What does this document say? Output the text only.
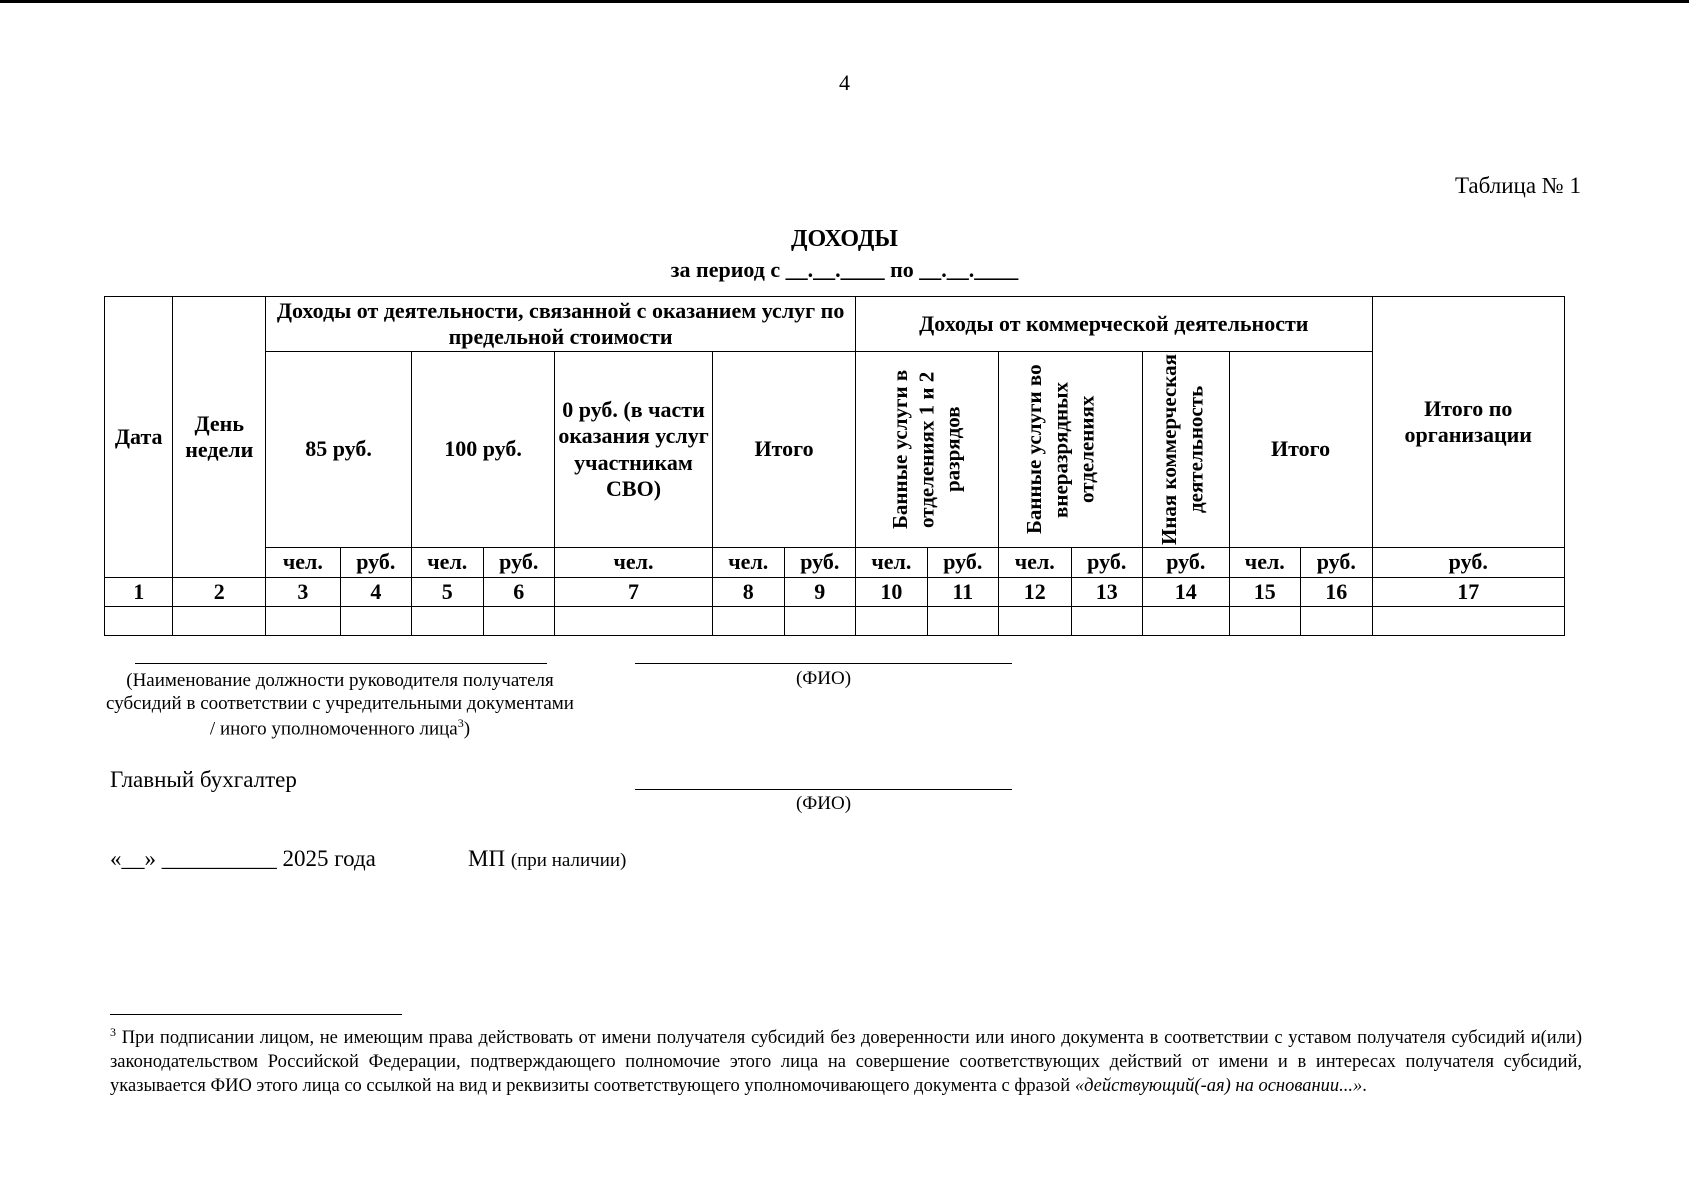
4
Таблица № 1
ДОХОДЫ
за период с __.__.____ по __.__.____
Дата	День недели	Доходы от деятельности, связанной с оказанием услуг по предельной стоимости							Доходы от коммерческой деятельности							Итого по организации
		85 руб.		100 руб.		0 руб. (в части оказания услуг участникам СВО)	Итого		Банные услуги в отделениях 1 и 2 разрядов		Банные услуги во внеразрядных отделениях		Иная коммерческая деятельность	Итого		
		чел.	руб.	чел.	руб.	чел.	чел.	руб.	чел.	руб.	чел.	руб.	руб.	чел.	руб.	руб.
1	2	3	4	5	6	7	8	9	10	11	12	13	14	15	16	17

(Наименование должности руководителя получателя субсидий в соответствии с учредительными документами / иного уполномоченного лица$^3$)
(ФИО)
Главный бухгалтер
(ФИО)
«__» __________ 2025 года	МП (при наличии)
$^3$ При подписании лицом, не имеющим права действовать от имени получателя субсидий без доверенности или иного документа в соответствии с уставом получателя субсидий и(или) законодательством Российской Федерации, подтверждающего полномочие этого лица на совершение соответствующих действий от имени и в интересах получателя субсидий, указывается ФИО этого лица со ссылкой на вид и реквизиты соответствующего уполномочивающего документа с фразой «действующий(-ая) на основании...».
